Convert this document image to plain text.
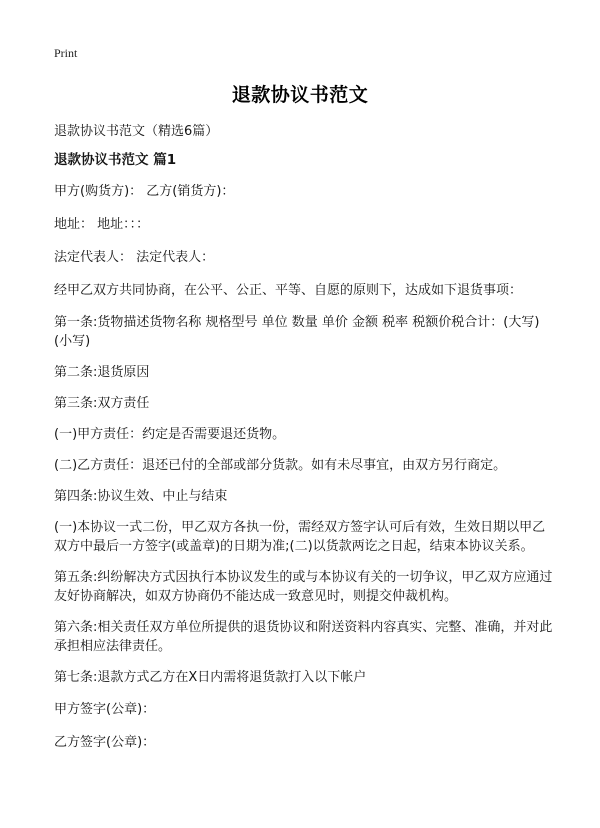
Print
退款协议书范文

退款协议书范文（精选6篇）

退款协议书范文 篇1

甲方(购货方)： 乙方(销货方)：

地址： 地址：：：

法定代表人： 法定代表人：

经甲乙双方共同协商，在公平、公正、平等、自愿的原则下，达成如下退货事项：

第一条:货物描述货物名称 规格型号 单位 数量 单价 金额 税率 税额价税合计：(大写)(小写)

第二条:退货原因

第三条:双方责任

(一)甲方责任：约定是否需要退还货物。

(二)乙方责任：退还已付的全部或部分货款。如有未尽事宜，由双方另行商定。

第四条:协议生效、中止与结束

(一)本协议一式二份，甲乙双方各执一份，需经双方签字认可后有效，生效日期以甲乙双方中最后一方签字(或盖章)的日期为准;(二)以货款两讫之日起，结束本协议关系。

第五条:纠纷解决方式因执行本协议发生的或与本协议有关的一切争议，甲乙双方应通过友好协商解决，如双方协商仍不能达成一致意见时，则提交仲裁机构。

第六条:相关责任双方单位所提供的退货协议和附送资料内容真实、完整、准确，并对此承担相应法律责任。

第七条:退款方式乙方在X日内需将退货款打入以下帐户

甲方签字(公章)：

乙方签字(公章)：
